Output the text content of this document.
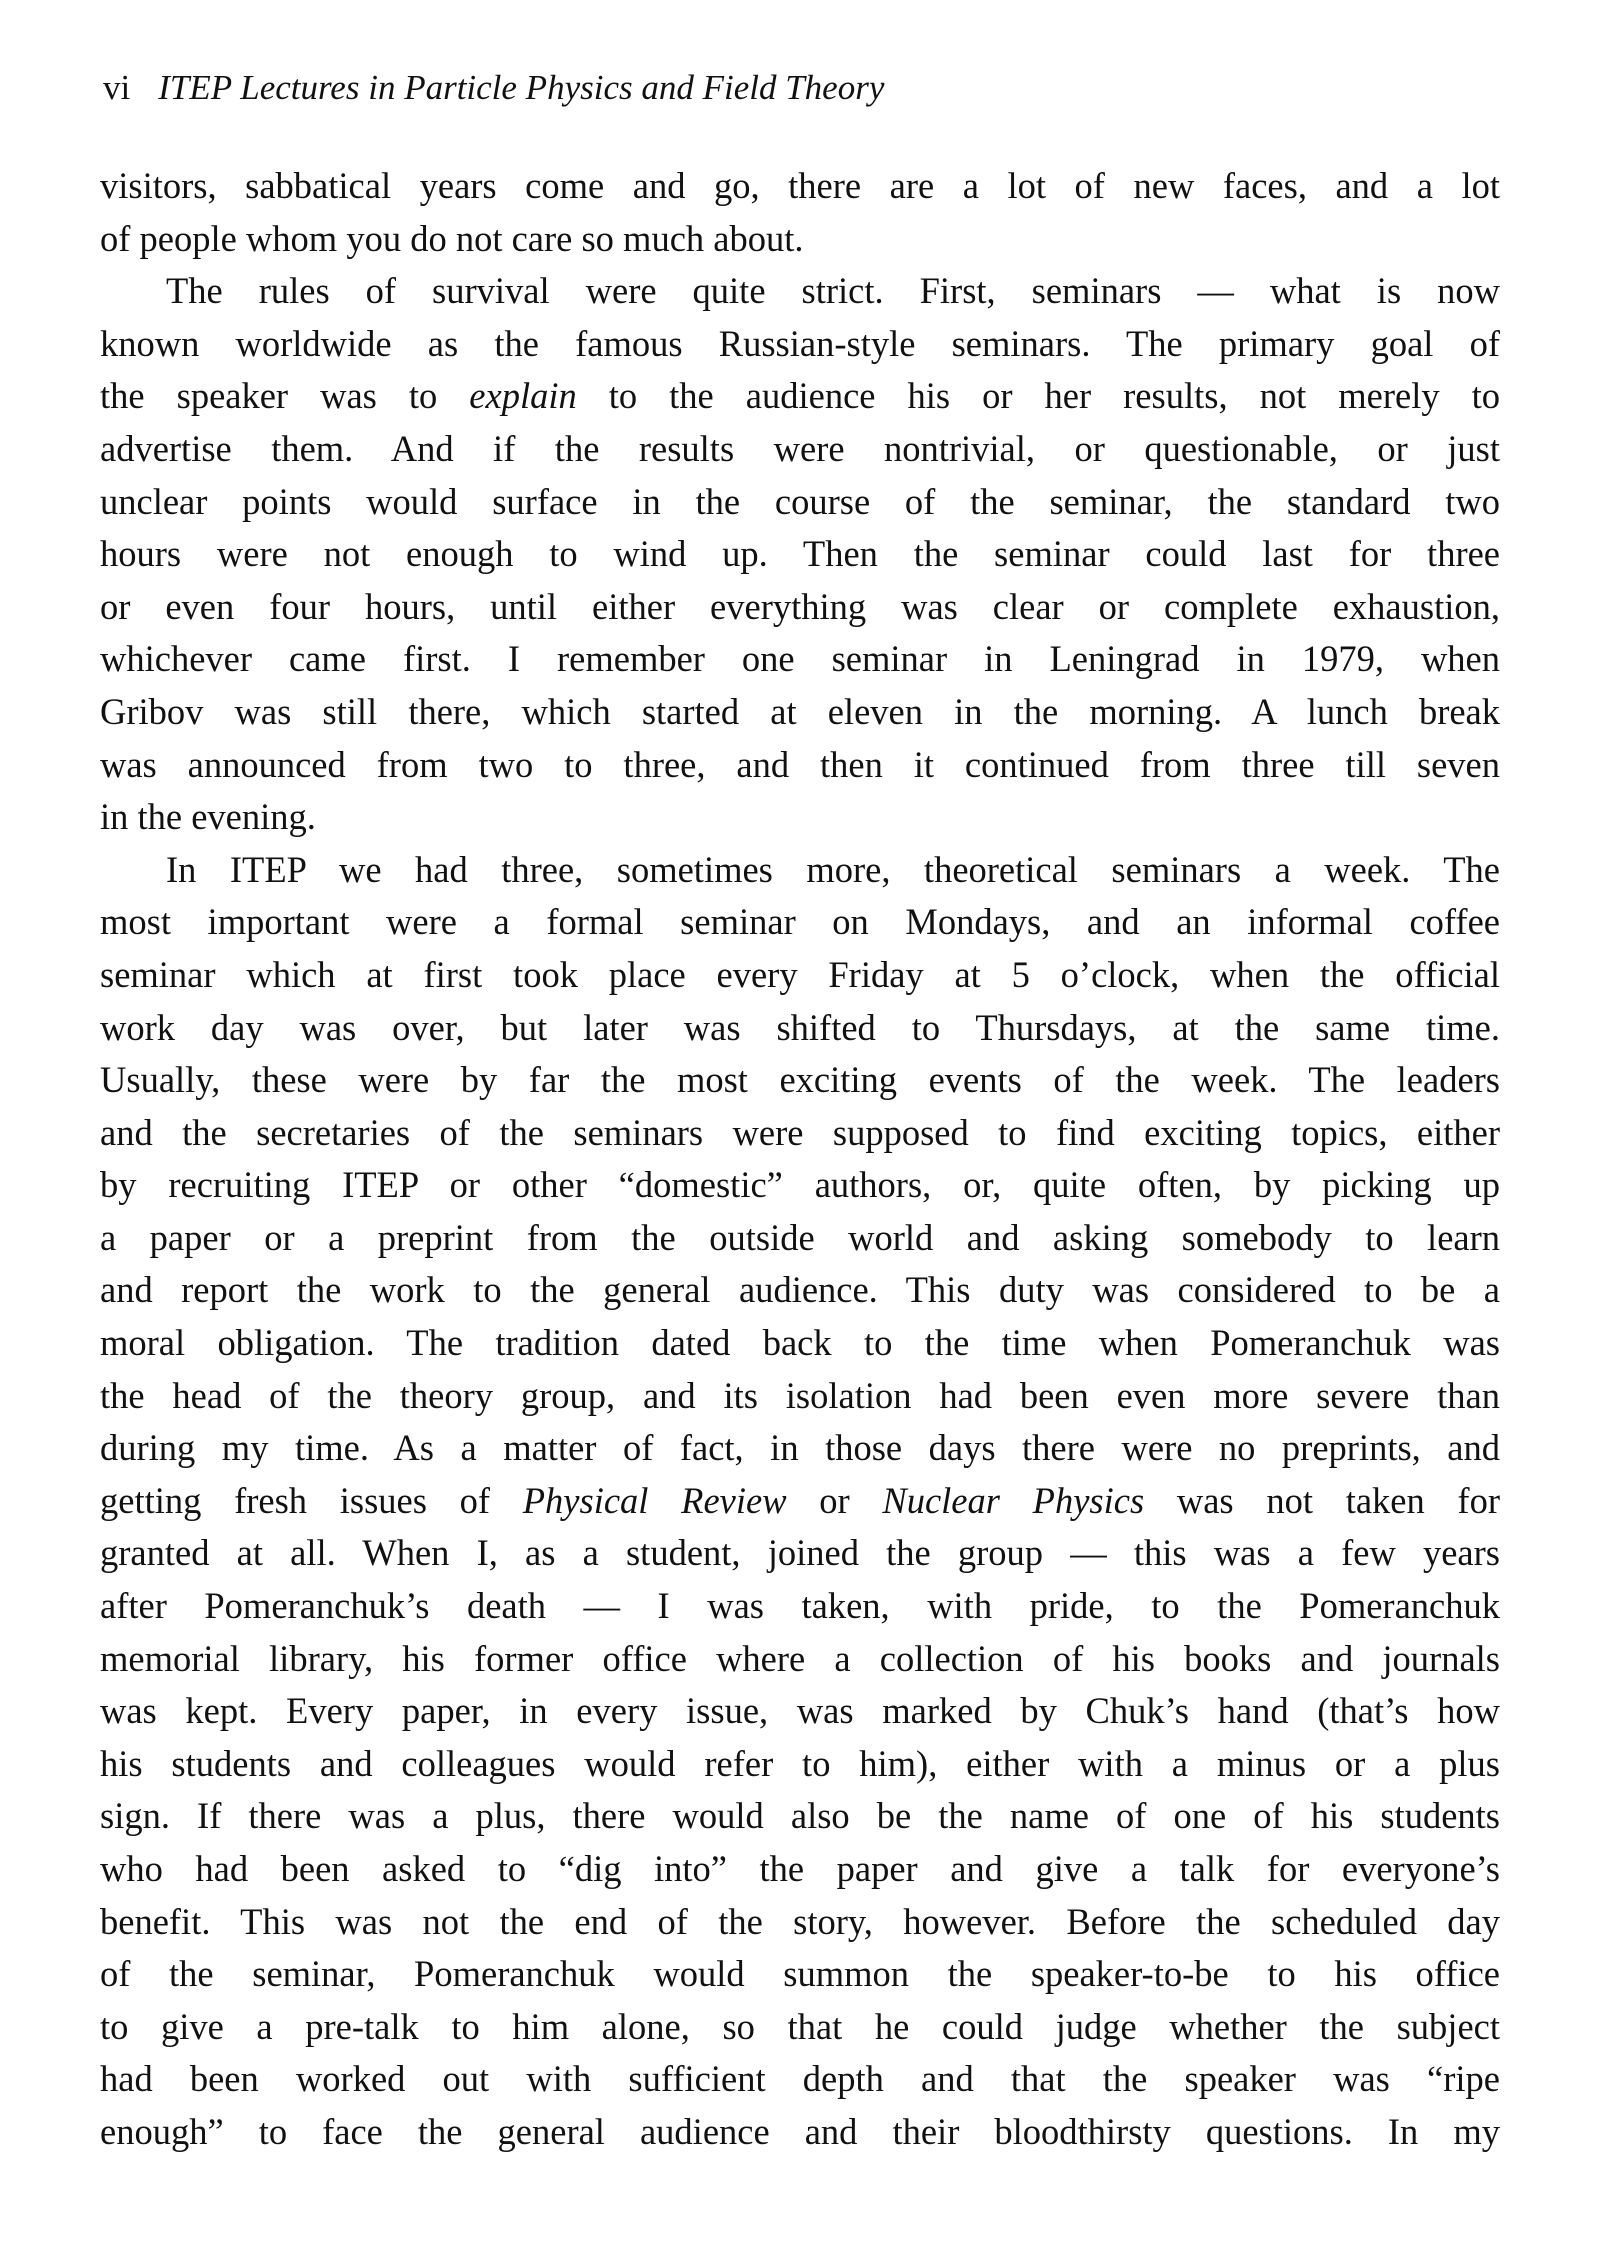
vi ITEP Lectures in Particle Physics and Field Theory
visitors, sabbatical years come and go, there are a lot of new faces, and a lot
of people whom you do not care so much about.
The rules of survival were quite strict. First, seminars — what is now
known worldwide as the famous Russian-style seminars. The primary goal of
the speaker was to explain to the audience his or her results, not merely to
advertise them. And if the results were nontrivial, or questionable, or just
unclear points would surface in the course of the seminar, the standard two
hours were not enough to wind up. Then the seminar could last for three
or even four hours, until either everything was clear or complete exhaustion,
whichever came first. I remember one seminar in Leningrad in 1979, when
Gribov was still there, which started at eleven in the morning. A lunch break
was announced from two to three, and then it continued from three till seven
in the evening.
In ITEP we had three, sometimes more, theoretical seminars a week. The
most important were a formal seminar on Mondays, and an informal coffee
seminar which at first took place every Friday at 5 o’clock, when the official
work day was over, but later was shifted to Thursdays, at the same time.
Usually, these were by far the most exciting events of the week. The leaders
and the secretaries of the seminars were supposed to find exciting topics, either
by recruiting ITEP or other “domestic” authors, or, quite often, by picking up
a paper or a preprint from the outside world and asking somebody to learn
and report the work to the general audience. This duty was considered to be a
moral obligation. The tradition dated back to the time when Pomeranchuk was
the head of the theory group, and its isolation had been even more severe than
during my time. As a matter of fact, in those days there were no preprints, and
getting fresh issues of Physical Review or Nuclear Physics was not taken for
granted at all. When I, as a student, joined the group — this was a few years
after Pomeranchuk’s death — I was taken, with pride, to the Pomeranchuk
memorial library, his former office where a collection of his books and journals
was kept. Every paper, in every issue, was marked by Chuk’s hand (that’s how
his students and colleagues would refer to him), either with a minus or a plus
sign. If there was a plus, there would also be the name of one of his students
who had been asked to “dig into” the paper and give a talk for everyone’s
benefit. This was not the end of the story, however. Before the scheduled day
of the seminar, Pomeranchuk would summon the speaker-to-be to his office
to give a pre-talk to him alone, so that he could judge whether the subject
had been worked out with sufficient depth and that the speaker was “ripe
enough” to face the general audience and their bloodthirsty questions. In my
